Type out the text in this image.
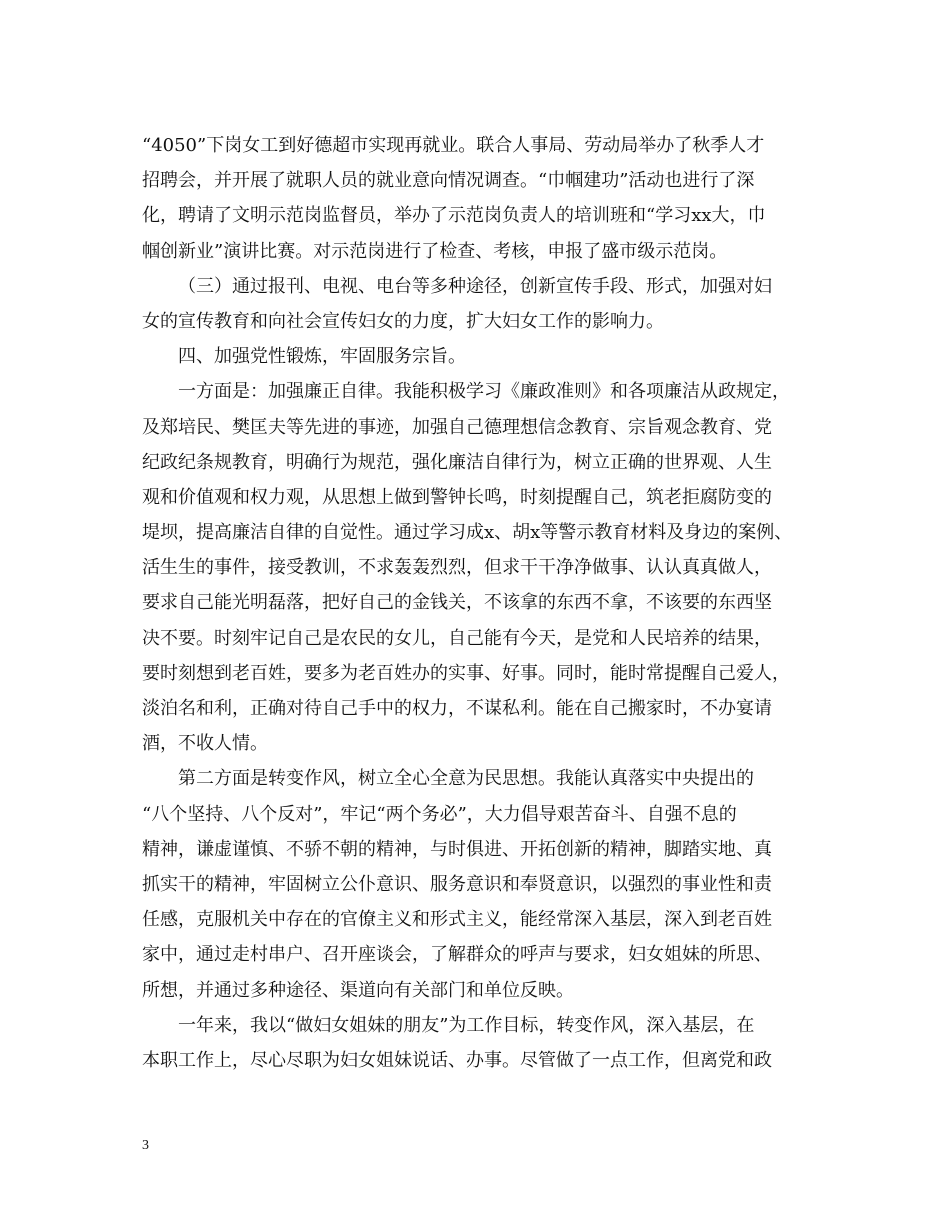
“4050”下岗女工到好德超市实现再就业。联合人事局、劳动局举办了秋季人才
招聘会，并开展了就职人员的就业意向情况调查。“巾帼建功”活动也进行了深
化，聘请了文明示范岗监督员，举办了示范岗负责人的培训班和“学习xx大，巾
帼创新业”演讲比赛。对示范岗进行了检查、考核，申报了盛市级示范岗。
（三）通过报刊、电视、电台等多种途径，创新宣传手段、形式，加强对妇
女的宣传教育和向社会宣传妇女的力度，扩大妇女工作的影响力。
四、加强党性锻炼，牢固服务宗旨。
一方面是：加强廉正自律。我能积极学习《廉政准则》和各项廉洁从政规定，
及郑培民、樊匡夫等先进的事迹，加强自己德理想信念教育、宗旨观念教育、党
纪政纪条规教育，明确行为规范，强化廉洁自律行为，树立正确的世界观、人生
观和价值观和权力观，从思想上做到警钟长鸣，时刻提醒自己，筑老拒腐防变的
堤坝，提高廉洁自律的自觉性。通过学习成x、胡x等警示教育材料及身边的案例、
活生生的事件，接受教训，不求轰轰烈烈，但求干干净净做事、认认真真做人，
要求自己能光明磊落，把好自己的金钱关，不该拿的东西不拿，不该要的东西坚
决不要。时刻牢记自己是农民的女儿，自己能有今天，是党和人民培养的结果，
要时刻想到老百姓，要多为老百姓办的实事、好事。同时，能时常提醒自己爱人，
淡泊名和利，正确对待自己手中的权力，不谋私利。能在自己搬家时，不办宴请
酒，不收人情。
第二方面是转变作风，树立全心全意为民思想。我能认真落实中央提出的
“八个坚持、八个反对”，牢记“两个务必”，大力倡导艰苦奋斗、自强不息的
精神，谦虚谨慎、不骄不朝的精神，与时俱进、开拓创新的精神，脚踏实地、真
抓实干的精神，牢固树立公仆意识、服务意识和奉贤意识，以强烈的事业性和责
任感，克服机关中存在的官僚主义和形式主义，能经常深入基层，深入到老百姓
家中，通过走村串户、召开座谈会，了解群众的呼声与要求，妇女姐妹的所思、
所想，并通过多种途径、渠道向有关部门和单位反映。
一年来，我以“做妇女姐妹的朋友”为工作目标，转变作风，深入基层，在
本职工作上，尽心尽职为妇女姐妹说话、办事。尽管做了一点工作，但离党和政
3
